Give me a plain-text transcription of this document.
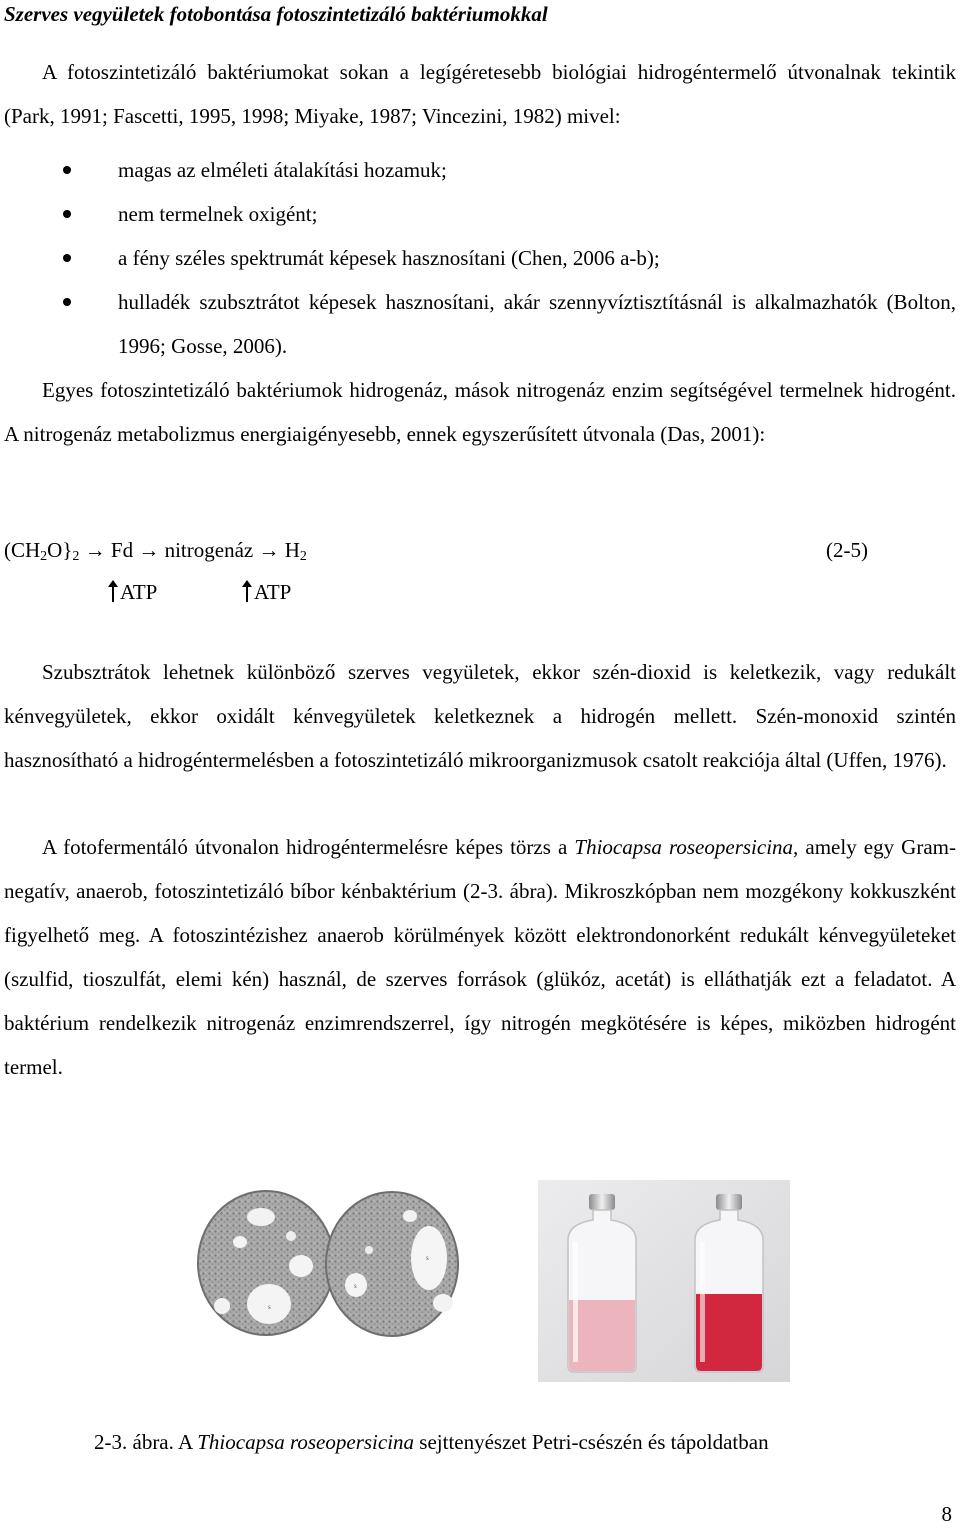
Szerves vegyületek fotobontása fotoszintetizáló baktériumokkal

A fotoszintetizáló baktériumokat sokan a legígéretesebb biológiai hidrogéntermelő útvonalnak tekintik (Park, 1991; Fascetti, 1995, 1998; Miyake, 1987; Vincezini, 1982) mivel:

magas az elméleti átalakítási hozamuk;
nem termelnek oxigént;
a fény széles spektrumát képesek hasznosítani (Chen, 2006 a-b);
hulladék szubsztrátot képesek hasznosítani, akár szennyvíztisztításnál is alkalmazhatók (Bolton, 1996; Gosse, 2006).

Egyes fotoszintetizáló baktériumok hidrogenáz, mások nitrogenáz enzim segítségével termelnek hidrogént. A nitrogenáz metabolizmus energiaigényesebb, ennek egyszerűsített útvonala (Das, 2001):

$(CH_2O\}_2 \to Fd$ → nitrogenáz → $H_2$	(2-5)
ATP	ATP

Szubsztrátok lehetnek különböző szerves vegyületek, ekkor szén-dioxid is keletkezik, vagy redukált kénvegyületek, ekkor oxidált kénvegyületek keletkeznek a hidrogén mellett. Szén-monoxid szintén hasznosítható a hidrogéntermelésben a fotoszintetizáló mikroorganizmusok csatolt reakciója által (Uffen, 1976).

A fotofermentáló útvonalon hidrogéntermelésre képes törzs a Thiocapsa roseopersicina, amely egy Gram-negatív, anaerob, fotoszintetizáló bíbor kénbaktérium (2-3. ábra). Mikroszkópban nem mozgékony kokkuszként figyelhető meg. A fotoszintézishez anaerob körülmények között elektrondonorként redukált kénvegyületeket (szulfid, tioszulfát, elemi kén) használ, de szerves források (glükóz, acetát) is elláthatják ezt a feladatot. A baktérium rendelkezik nitrogenáz enzimrendszerrel, így nitrogén megkötésére is képes, miközben hidrogént termel.

s
s
s
2-3. ábra. A Thiocapsa roseopersicina sejttenyészet Petri-csészén és tápoldatban
8
